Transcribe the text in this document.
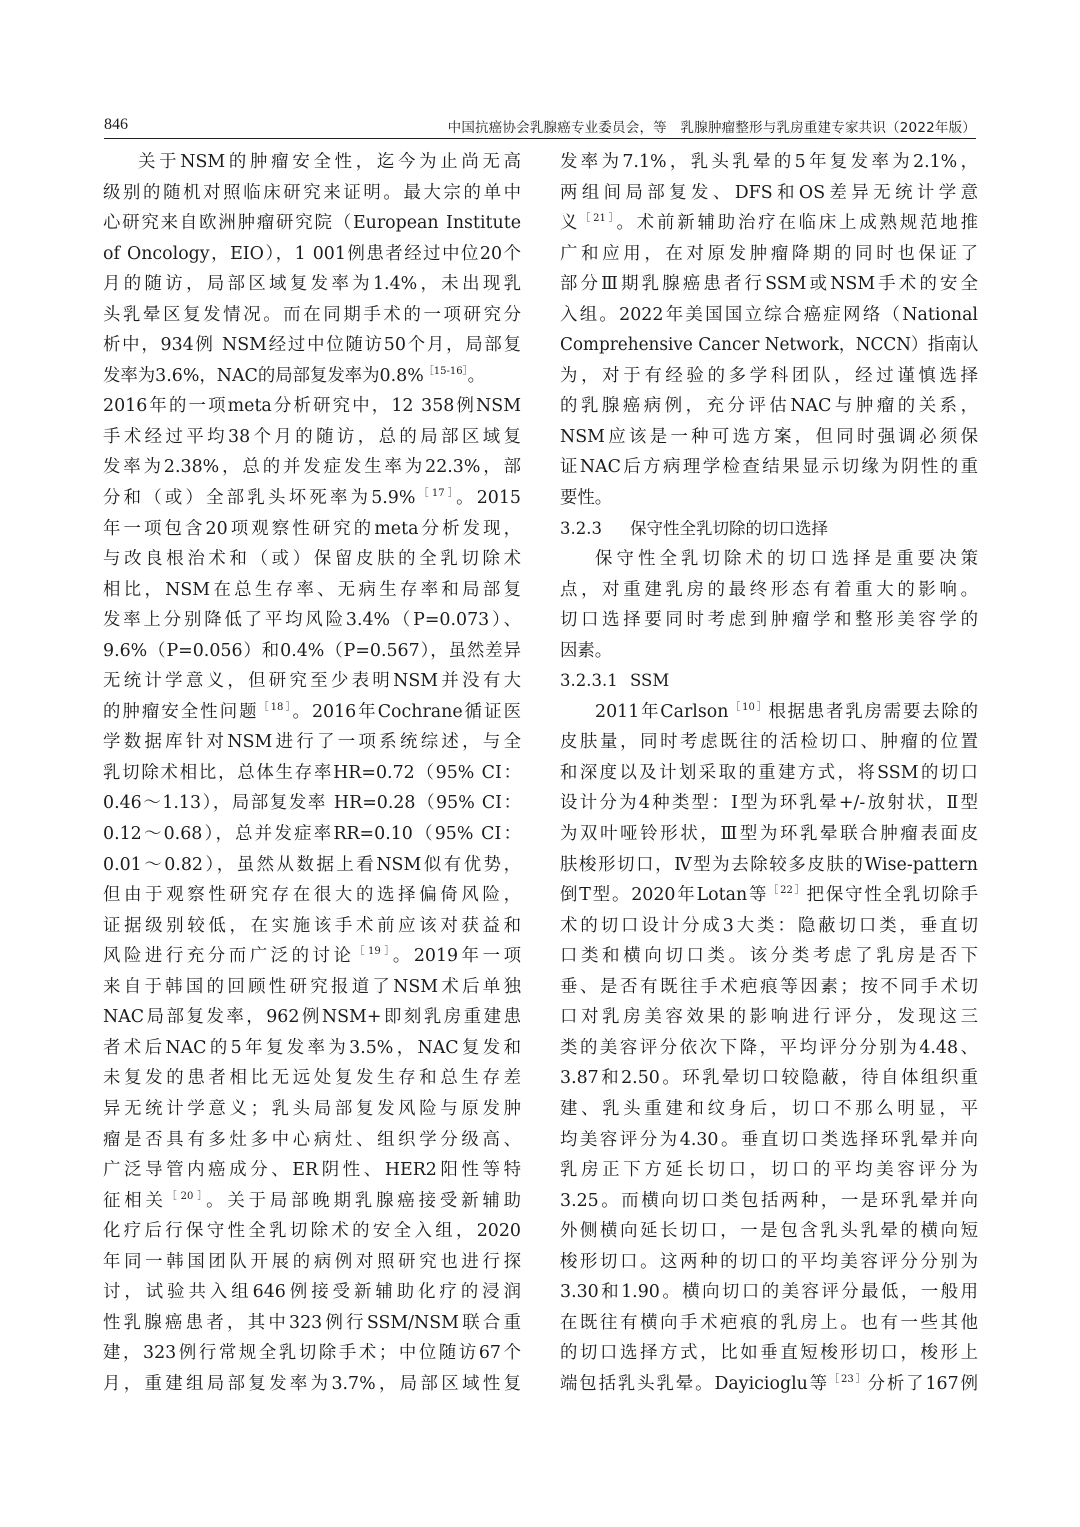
846	中国抗癌协会乳腺癌专业委员会，等　乳腺肿瘤整形与乳房重建专家共识（2022年版）
关于NSM的肿瘤安全性，迄今为止尚无高
级别的随机对照临床研究来证明。最大宗的单中
心研究来自欧洲肿瘤研究院（European Institute
of Oncology，EIO），1 001例患者经过中位20个
月的随访，局部区域复发率为1.4%，未出现乳
头乳晕区复发情况。而在同期手术的一项研究分
析中，934例 NSM经过中位随访50个月，局部复
发率为3.6%，NAC的局部复发率为0.8%$^{[15-16]}$。
2016年的一项meta分析研究中，12 358例NSM
手术经过平均38个月的随访，总的局部区域复
发率为2.38%，总的并发症发生率为22.3%，部
分和（或）全部乳头坏死率为5.9%$^{[17]}$。2015
年一项包含20项观察性研究的meta分析发现，
与改良根治术和（或）保留皮肤的全乳切除术
相比，NSM在总生存率、无病生存率和局部复
发率上分别降低了平均风险3.4%（P=0.073）、
9.6%（P=0.056）和0.4%（P=0.567），虽然差异
无统计学意义，但研究至少表明NSM并没有大
的肿瘤安全性问题$^{[18]}$。2016年Cochrane循证医
学数据库针对NSM进行了一项系统综述，与全
乳切除术相比，总体生存率HR=0.72（95% CI：
0.46～1.13），局部复发率 HR=0.28（95% CI：
0.12～0.68），总并发症率RR=0.10（95% CI：
0.01～0.82），虽然从数据上看NSM似有优势，
但由于观察性研究存在很大的选择偏倚风险，
证据级别较低，在实施该手术前应该对获益和
风险进行充分而广泛的讨论$^{[19]}$。2019年一项
来自于韩国的回顾性研究报道了NSM术后单独
NAC局部复发率，962例NSM+即刻乳房重建患
者术后NAC的5年复发率为3.5%，NAC复发和
未复发的患者相比无远处复发生存和总生存差
异无统计学意义；乳头局部复发风险与原发肿
瘤是否具有多灶多中心病灶、组织学分级高、
广泛导管内癌成分、ER阴性、HER2阳性等特
征相关$^{[20]}$。关于局部晚期乳腺癌接受新辅助
化疗后行保守性全乳切除术的安全入组，2020
年同一韩国团队开展的病例对照研究也进行探
讨，试验共入组646例接受新辅助化疗的浸润
性乳腺癌患者，其中323例行SSM/NSM联合重
建，323例行常规全乳切除手术；中位随访67个
月，重建组局部复发率为3.7%，局部区域性复
发率为7.1%，乳头乳晕的5年复发率为2.1%，
两组间局部复发、DFS和OS差异无统计学意
义$^{[21]}$。术前新辅助治疗在临床上成熟规范地推
广和应用，在对原发肿瘤降期的同时也保证了
部分Ⅲ期乳腺癌患者行SSM或NSM手术的安全
入组。2022年美国国立综合癌症网络（National
Comprehensive Cancer Network，NCCN）指南认
为，对于有经验的多学科团队，经过谨慎选择
的乳腺癌病例，充分评估NAC与肿瘤的关系，
NSM应该是一种可选方案，但同时强调必须保
证NAC后方病理学检查结果显示切缘为阴性的重
要性。
3.2.3 保守性全乳切除的切口选择
保守性全乳切除术的切口选择是重要决策
点，对重建乳房的最终形态有着重大的影响。
切口选择要同时考虑到肿瘤学和整形美容学的
因素。
3.2.3.1 SSM
2011年Carlson$^{[10]}$根据患者乳房需要去除的
皮肤量，同时考虑既往的活检切口、肿瘤的位置
和深度以及计划采取的重建方式，将SSM的切口
设计分为4种类型：I型为环乳晕+/-放射状，Ⅱ型
为双叶哑铃形状，Ⅲ型为环乳晕联合肿瘤表面皮
肤梭形切口，Ⅳ型为去除较多皮肤的Wise-pattern
倒T型。2020年Lotan等$^{[22]}$把保守性全乳切除手
术的切口设计分成3大类：隐蔽切口类，垂直切
口类和横向切口类。该分类考虑了乳房是否下
垂、是否有既往手术疤痕等因素；按不同手术切
口对乳房美容效果的影响进行评分，发现这三
类的美容评分依次下降，平均评分分别为4.48、
3.87和2.50。环乳晕切口较隐蔽，待自体组织重
建、乳头重建和纹身后，切口不那么明显，平
均美容评分为4.30。垂直切口类选择环乳晕并向
乳房正下方延长切口，切口的平均美容评分为
3.25。而横向切口类包括两种，一是环乳晕并向
外侧横向延长切口，一是包含乳头乳晕的横向短
梭形切口。这两种的切口的平均美容评分分别为
3.30和1.90。横向切口的美容评分最低，一般用
在既往有横向手术疤痕的乳房上。也有一些其他
的切口选择方式，比如垂直短梭形切口，梭形上
端包括乳头乳晕。Dayicioglu等$^{[23]}$分析了167例
